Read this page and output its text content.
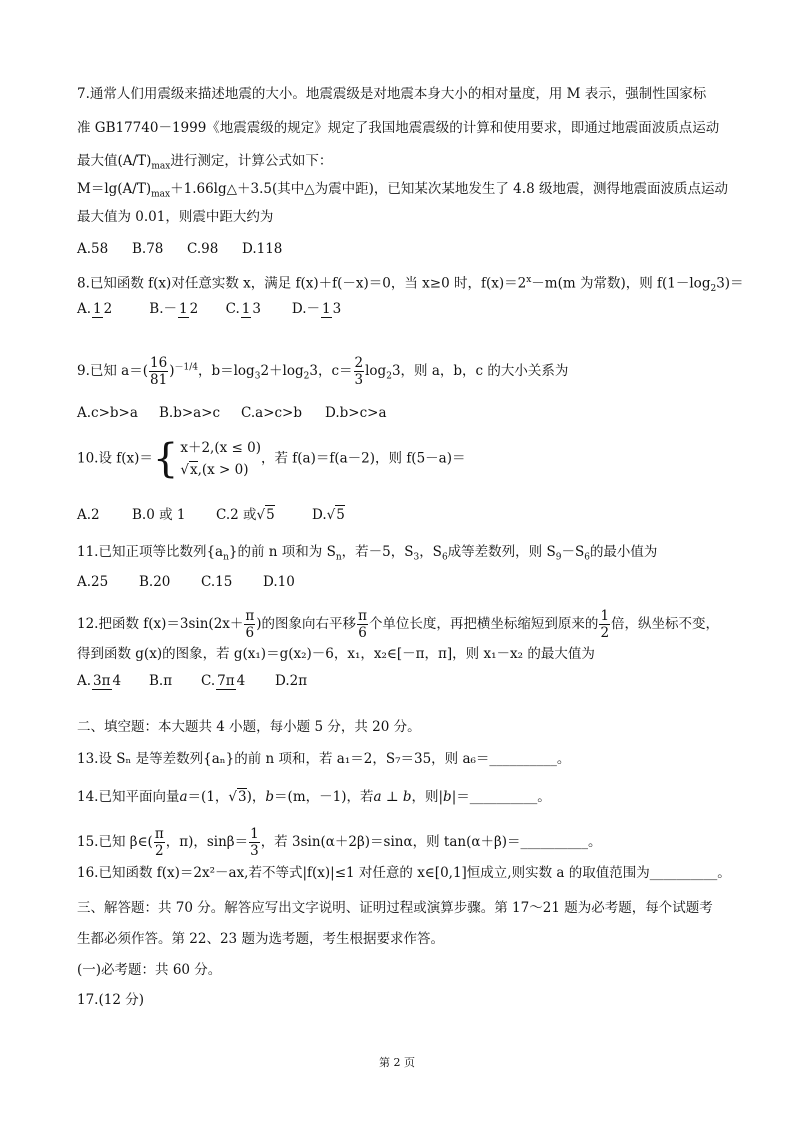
7.通常人们用震级来描述地震的大小。地震震级是对地震本身大小的相对量度，用 M 表示，强制性国家标
准 GB17740－1999《地震震级的规定》规定了我国地震震级的计算和使用要求，即通过地震面波质点运动
最大值$(A/T)_{max}$进行测定，计算公式如下：
$M=\lg(A/T)_{max}+1.66\lg\triangle+3.5$(其中△为震中距)，已知某次某地发生了 4.8 级地震，测得地震面波质点运动
最大值为 0.01，则震中距大约为
A.58 B.78 C.98 D.118
8.已知函数 f(x)对任意实数 x，满足 f(x)＋f(－x)＝0，当 x≥0 时，$f(x)=2^x-m(m$ 为常数)，则 $f(1-\log_23)=$
A. 1 2	B.－ 1 2 C. 1 3 D.－ 1 3
9.已知 $a=( \frac{16}{81} )^{-1/4}$，$b=\log_32+\log_23$，$c= \frac{2}{3} \log_23$，则 a，b，c 的大小关系为
A.c>b>a B.b>a>c C.a>c>b D.b>c>a
10.设 f(x)＝ { x＋2,(x ≤ 0)
√x,(x > 0)
，若 f(a)＝f(a－2)，则 f(5－a)＝
A.2 B.0 或 1 C.2 或√5	D.√5
11.已知正项等比数列$\{a_n\}$的前 n 项和为 $S_n$，若－5，$S_3$，$S_6$成等差数列，则 $S_9-S_6$的最小值为
A.25 B.20 C.15 D.10
12.把函数 $f(x)=3\sin(2x+ \frac{\pi}{6}$ )的图象向右平移 $\frac{\pi}{6}$ 个单位长度，再把横坐标缩短到原来的 $\frac{1}{2}$ 倍，纵坐标不变，
得到函数 g(x)的图象，若 g(x₁)＝g(x₂)－6，x₁，x₂∈[－π，π]，则 x₁－x₂ 的最大值为
A. 3π 4 B.π C. 7π 4 D.2π
二、填空题：本大题共 4 小题，每小题 5 分，共 20 分。
13.设 Sₙ 是等差数列{aₙ}的前 n 项和，若 a₁＝2，S₇＝35，则 a₆＝__________。
14.已知平面向量a＝(1，√3)，b＝(m，－1)，若a ⊥ b，则|b|＝__________。
15.已知 β∈( $\frac{\pi}{2}$ ，π)，$\sin\beta= \frac{1}{3}$ ，若 3sin(α＋2β)＝sinα，则 tan(α＋β)＝__________。
16.已知函数 f(x)＝2x²－ax,若不等式|f(x)|≤1 对任意的 x∈[0,1]恒成立,则实数 a 的取值范围为__________。
三、解答题：共 70 分。解答应写出文字说明、证明过程或演算步骤。第 17～21 题为必考题，每个试题考
生都必须作答。第 22、23 题为选考题，考生根据要求作答。
(一)必考题：共 60 分。
17.(12 分)
第 2 页
